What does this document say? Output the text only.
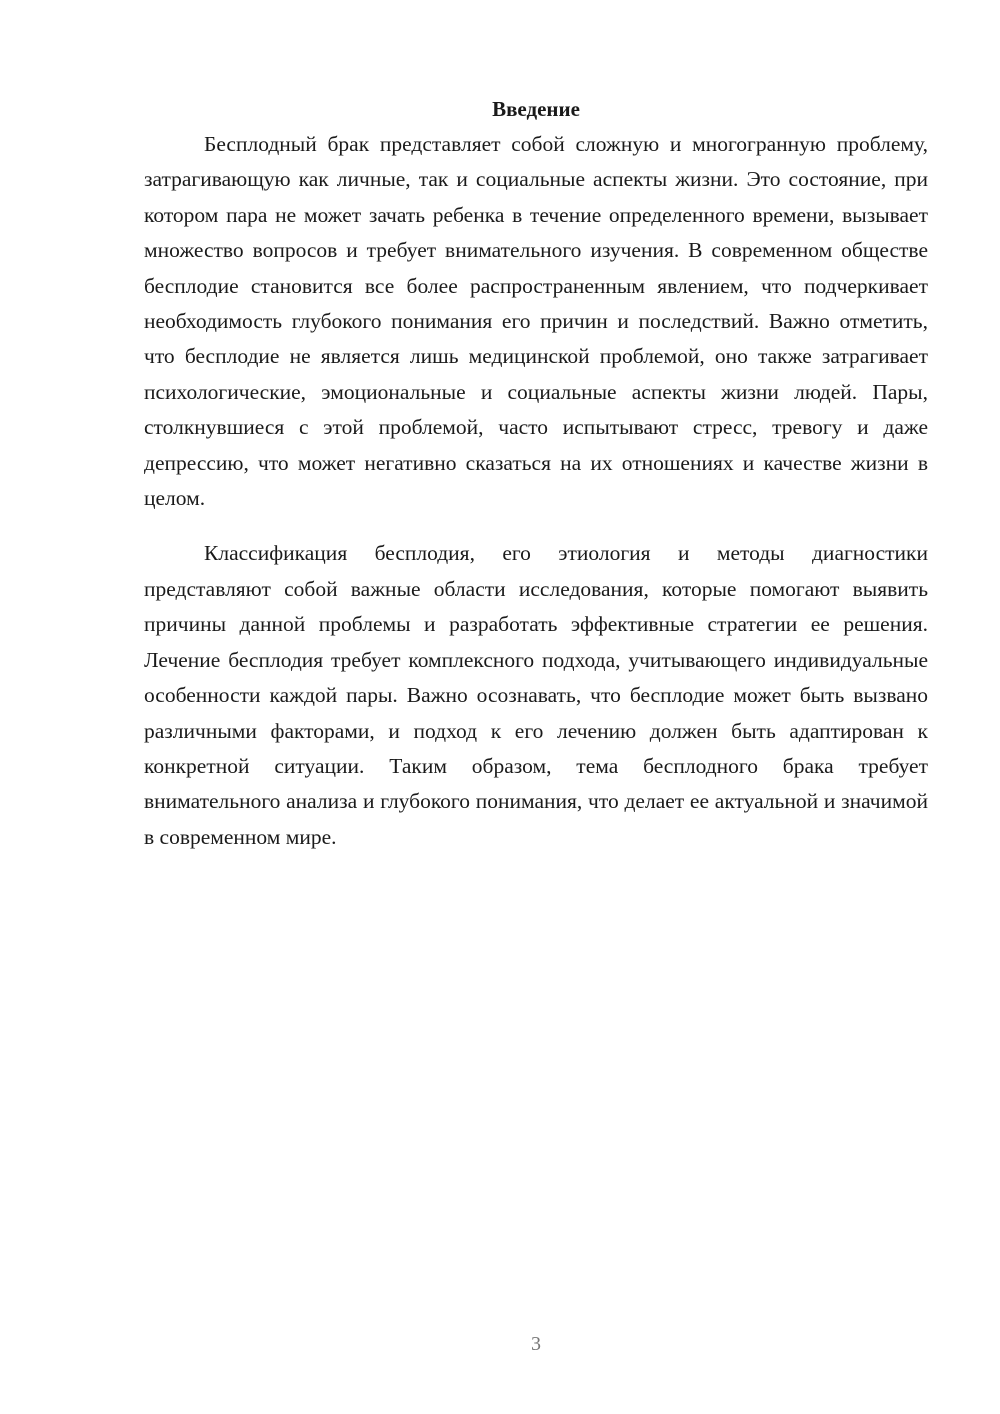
Введение

Бесплодный брак представляет собой сложную и многогранную проблему, затрагивающую как личные, так и социальные аспекты жизни. Это состояние, при котором пара не может зачать ребенка в течение определенного времени, вызывает множество вопросов и требует внимательного изучения. В современном обществе бесплодие становится все более распространенным явлением, что подчеркивает необходимость глубокого понимания его причин и последствий. Важно отметить, что бесплодие не является лишь медицинской проблемой, оно также затрагивает психологические, эмоциональные и социальные аспекты жизни людей. Пары, столкнувшиеся с этой проблемой, часто испытывают стресс, тревогу и даже депрессию, что может негативно сказаться на их отношениях и качестве жизни в целом.

Классификация бесплодия, его этиология и методы диагностики представляют собой важные области исследования, которые помогают выявить причины данной проблемы и разработать эффективные стратегии ее решения. Лечение бесплодия требует комплексного подхода, учитывающего индивидуальные особенности каждой пары. Важно осознавать, что бесплодие может быть вызвано различными факторами, и подход к его лечению должен быть адаптирован к конкретной ситуации. Таким образом, тема бесплодного брака требует внимательного анализа и глубокого понимания, что делает ее актуальной и значимой в современном мире.

3
